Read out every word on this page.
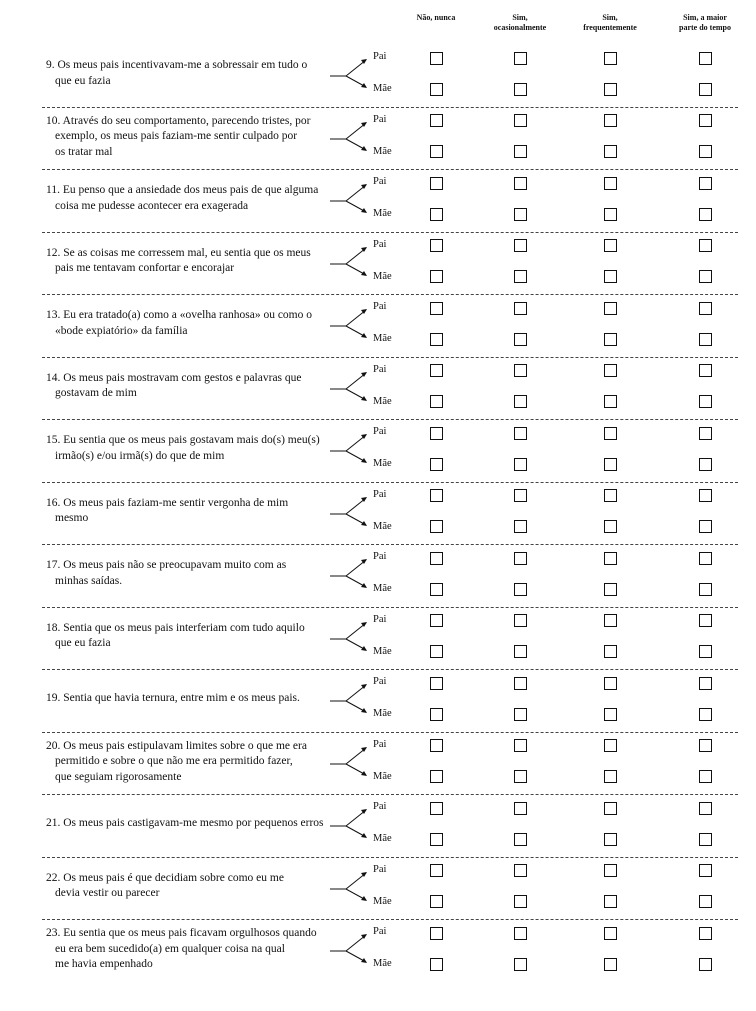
Não, nunca	Sim,
ocasionalmente
Sim,
frequentemente
Sim, a maior
parte do tempo
9. Os meus pais incentivavam-me a sobressair em tudo o
que eu fazia
Pai
Mãe
10. Através do seu comportamento, parecendo tristes, por
exemplo, os meus pais faziam-me sentir culpado por
os tratar mal
Pai
Mãe
11. Eu penso que a ansiedade dos meus pais de que alguma
coisa me pudesse acontecer era exagerada
Pai
Mãe
12. Se as coisas me corressem mal, eu sentia que os meus
pais me tentavam confortar e encorajar
Pai
Mãe
13. Eu era tratado(a) como a «ovelha ranhosa» ou como o
«bode expiatório» da família
Pai
Mãe
14. Os meus pais mostravam com gestos e palavras que
gostavam de mim
Pai
Mãe
15. Eu sentia que os meus pais gostavam mais do(s) meu(s)
irmão(s) e/ou irmã(s) do que de mim
Pai
Mãe
16. Os meus pais faziam-me sentir vergonha de mim
mesmo
Pai
Mãe
17. Os meus pais não se preocupavam muito com as
minhas saídas.
Pai
Mãe
18. Sentia que os meus pais interferiam com tudo aquilo
que eu fazia
Pai
Mãe
19. Sentia que havia ternura, entre mim e os meus pais.
Pai
Mãe
20. Os meus pais estipulavam limites sobre o que me era
permitido e sobre o que não me era permitido fazer,
que seguiam rigorosamente
Pai
Mãe
21. Os meus pais castigavam-me mesmo por pequenos erros
Pai
Mãe
22. Os meus pais é que decidiam sobre como eu me
devia vestir ou parecer
Pai
Mãe
23. Eu sentia que os meus pais ficavam orgulhosos quando
eu era bem sucedido(a) em qualquer coisa na qual
me havia empenhado
Pai
Mãe
